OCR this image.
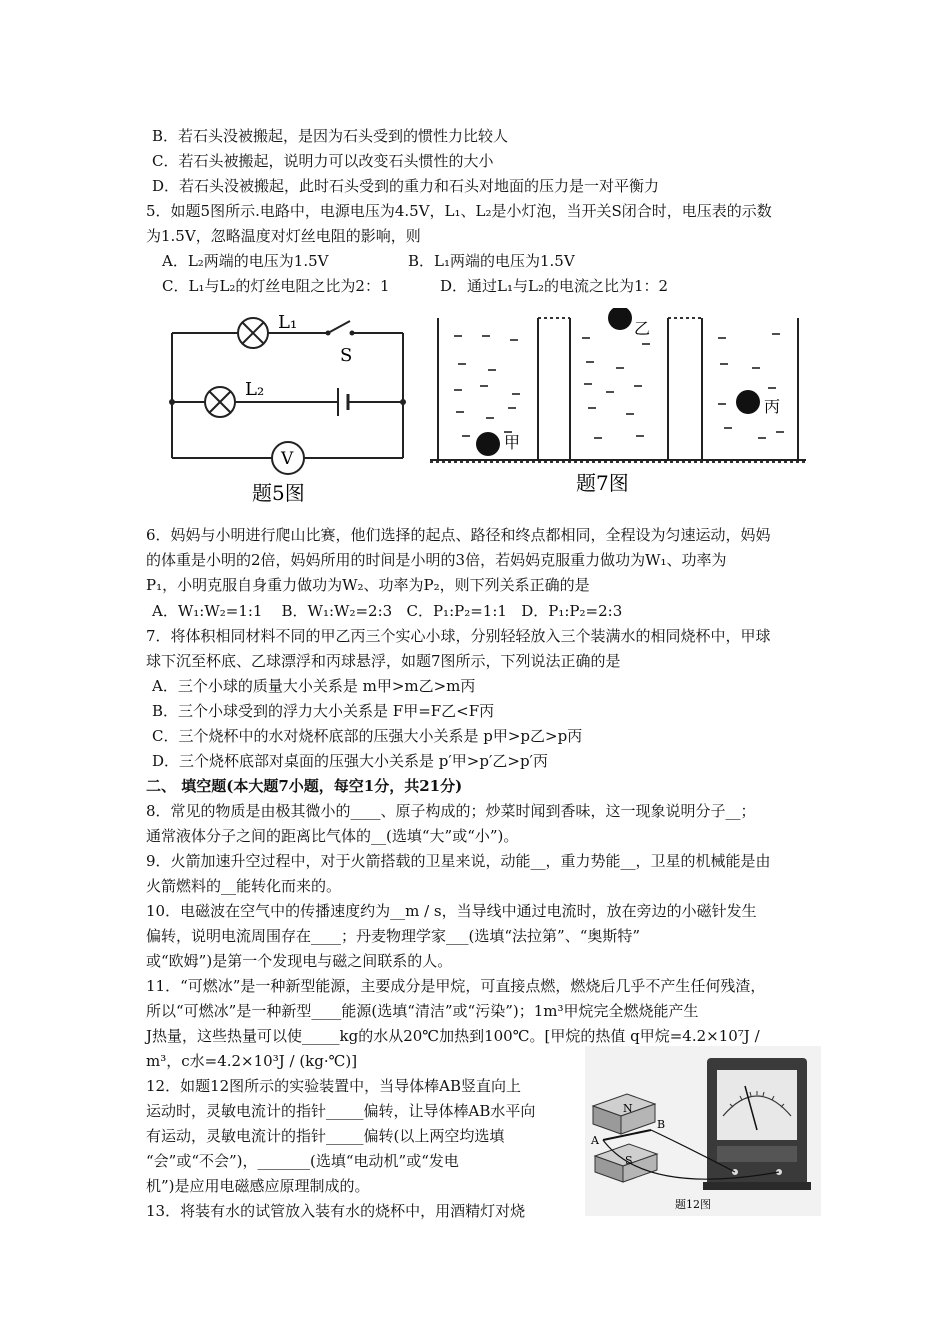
B．若石头没被搬起，是因为石头受到的惯性力比较人
C．若石头被搬起，说明力可以改变石头惯性的大小
D．若石头没被搬起，此时石头受到的重力和石头对地面的压力是一对平衡力
5．如题5图所示.电路中，电源电压为4.5V，L₁、L₂是小灯泡，当开关S闭合时，电压表的示数
为1.5V，忽略温度对灯丝电阻的影响，则
A．L₂两端的电压为1.5V	B．L₁两端的电压为1.5V
C．L₁与L₂的灯丝电阻之比为2：1	D．通过L₁与L₂的电流之比为1：2
L₁
S
L₂
V
题5图
甲
乙
丙
题7图
6．妈妈与小明进行爬山比赛，他们选择的起点、路径和终点都相同，全程设为匀速运动，妈妈
的体重是小明的2倍，妈妈所用的时间是小明的3倍，若妈妈克服重力做功为W₁、功率为
P₁，小明克服自身重力做功为W₂、功率为P₂，则下列关系正确的是
A．W₁:W₂=1:1    B．W₁:W₂=2:3   C．P₁:P₂=1:1   D．P₁:P₂=2:3
7．将体积相同材料不同的甲乙丙三个实心小球，分别轻轻放入三个装满水的相同烧杯中，甲球
球下沉至杯底、乙球漂浮和丙球悬浮，如题7图所示，下列说法正确的是
A．三个小球的质量大小关系是 m甲>m乙>m丙
B．三个小球受到的浮力大小关系是 F甲=F乙<F丙
C．三个烧杯中的水对烧杯底部的压强大小关系是 p甲>p乙>p丙
D．三个烧杯底部对桌面的压强大小关系是 p′甲>p′乙>p′丙
二、 填空题(本大题7小题，每空1分，共21分)
8．常见的物质是由极其微小的____、原子构成的；炒菜时闻到香味，这一现象说明分子__；
通常液体分子之间的距离比气体的__(选填“大”或“小”)。
9．火箭加速升空过程中，对于火箭搭载的卫星来说，动能__，重力势能__，卫星的机械能是由
火箭燃料的__能转化而来的。
10．电磁波在空气中的传播速度约为__m / s，当导线中通过电流时，放在旁边的小磁针发生
偏转，说明电流周围存在____；丹麦物理学家___(选填“法拉第”、“奥斯特”
或“欧姆”)是第一个发现电与磁之间联系的人。
11．“可燃冰”是一种新型能源，主要成分是甲烷，可直接点燃，燃烧后几乎不产生任何残渣，
所以“可燃冰”是一种新型____能源(选填“清洁”或“污染”)；1m³甲烷完全燃烧能产生
J热量，这些热量可以使_____kg的水从20℃加热到100℃。[甲烷的热值 q甲烷=4.2×10⁷J /
m³，c水=4.2×10³J / (kg·℃)]
12．如题12图所示的实验装置中，当导体棒AB竖直向上
运动时，灵敏电流计的指针_____偏转，让导体棒AB水平向
有运动，灵敏电流计的指针_____偏转(以上两空均选填
“会”或“不会”)，_______(选填“电动机”或“发电
机”)是应用电磁感应原理制成的。
13．将装有水的试管放入装有水的烧杯中，用酒精灯对烧
N
S
A
B
题12图
